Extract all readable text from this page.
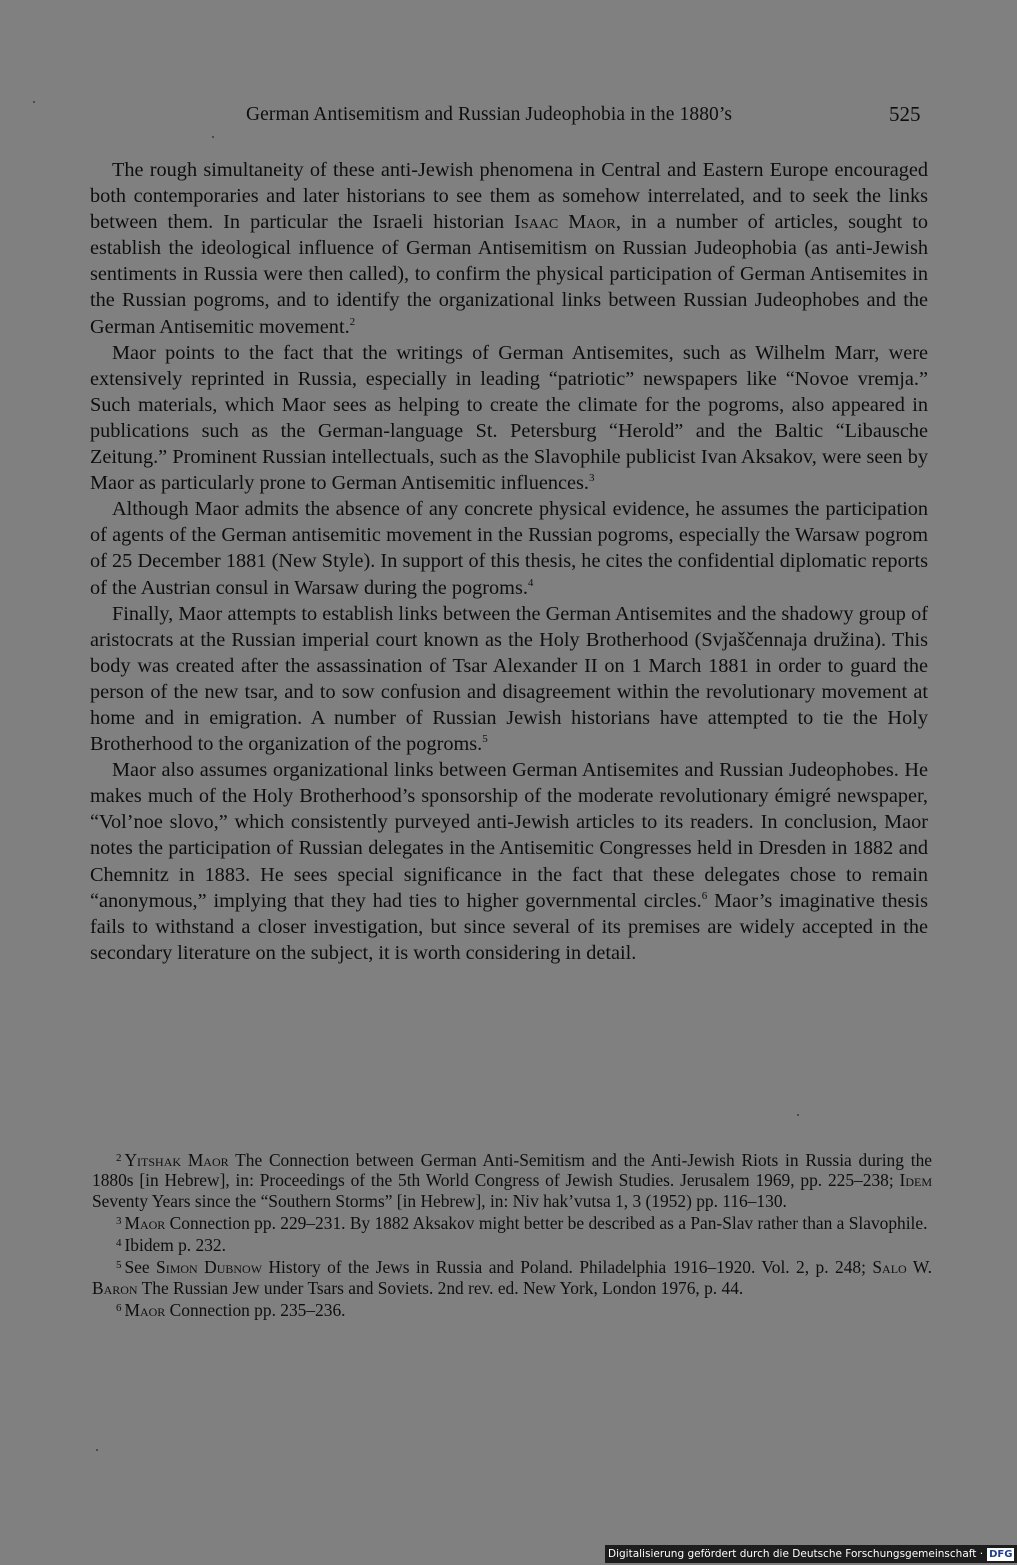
German Antisemitism and Russian Judeophobia in the 1880’s	525

The rough simultaneity of these anti-Jewish phenomena in Central and Eastern Europe encouraged both contemporaries and later historians to see them as somehow interrelated, and to seek the links between them. In particular the Israeli historian Isaac Maor, in a number of articles, sought to establish the ideological influence of German Antisemitism on Russian Judeophobia (as anti-Jewish sentiments in Russia were then called), to confirm the physical participation of German Antisemites in the Russian pogroms, and to identify the organizational links between Russian Judeophobes and the German Antisemitic movement.$^2$

Maor points to the fact that the writings of German Antisemites, such as Wilhelm Marr, were extensively reprinted in Russia, especially in leading “patriotic” newspapers like “Novoe vremja.” Such materials, which Maor sees as helping to create the climate for the pogroms, also appeared in publications such as the German-language St. Petersburg “Herold” and the Baltic “Libausche Zeitung.” Prominent Russian intellectuals, such as the Slavophile publicist Ivan Aksakov, were seen by Maor as particularly prone to German Antisemitic influences.$^3$

Although Maor admits the absence of any concrete physical evidence, he assumes the participation of agents of the German antisemitic movement in the Russian pogroms, especially the Warsaw pogrom of 25 December 1881 (New Style). In support of this thesis, he cites the confidential diplomatic reports of the Austrian consul in Warsaw during the pogroms.$^4$

Finally, Maor attempts to establish links between the German Antisemites and the shadowy group of aristocrats at the Russian imperial court known as the Holy Brotherhood (Svjaščennaja družina). This body was created after the assassination of Tsar Alexander II on 1 March 1881 in order to guard the person of the new tsar, and to sow confusion and disagreement within the revolutionary movement at home and in emigration. A number of Russian Jewish historians have attempted to tie the Holy Brotherhood to the organization of the pogroms.$^5$

Maor also assumes organizational links between German Antisemites and Russian Judeophobes. He makes much of the Holy Brotherhood’s sponsorship of the moderate revolutionary émigré newspaper, “Vol’noe slovo,” which consistently purveyed anti-Jewish articles to its readers. In conclusion, Maor notes the participation of Russian delegates in the Antisemitic Congresses held in Dresden in 1882 and Chemnitz in 1883. He sees special significance in the fact that these delegates chose to remain “anonymous,” implying that they had ties to higher governmental circles.$^6$ Maor’s imaginative thesis fails to withstand a closer investigation, but since several of its premises are widely accepted in the secondary literature on the subject, it is worth considering in detail.

$^2$ Yitshak Maor The Connection between German Anti-Semitism and the Anti-Jewish Riots in Russia during the 1880s [in Hebrew], in: Proceedings of the 5th World Congress of Jewish Studies. Jerusalem 1969, pp. 225–238; Idem Seventy Years since the “Southern Storms” [in Hebrew], in: Niv hak’vutsa 1, 3 (1952) pp. 116–130.

$^3$ Maor Connection pp. 229–231. By 1882 Aksakov might better be described as a Pan-Slav rather than a Slavophile.

$^4$ Ibidem p. 232.

$^5$ See Simon Dubnow History of the Jews in Russia and Poland. Philadelphia 1916–1920. Vol. 2, p. 248; Salo W. Baron The Russian Jew under Tsars and Soviets. 2nd rev. ed. New York, London 1976, p. 44.

$^6$ Maor Connection pp. 235–236.

Digitalisierung gefördert durch die Deutsche Forschungsgemeinschaft · DFG
